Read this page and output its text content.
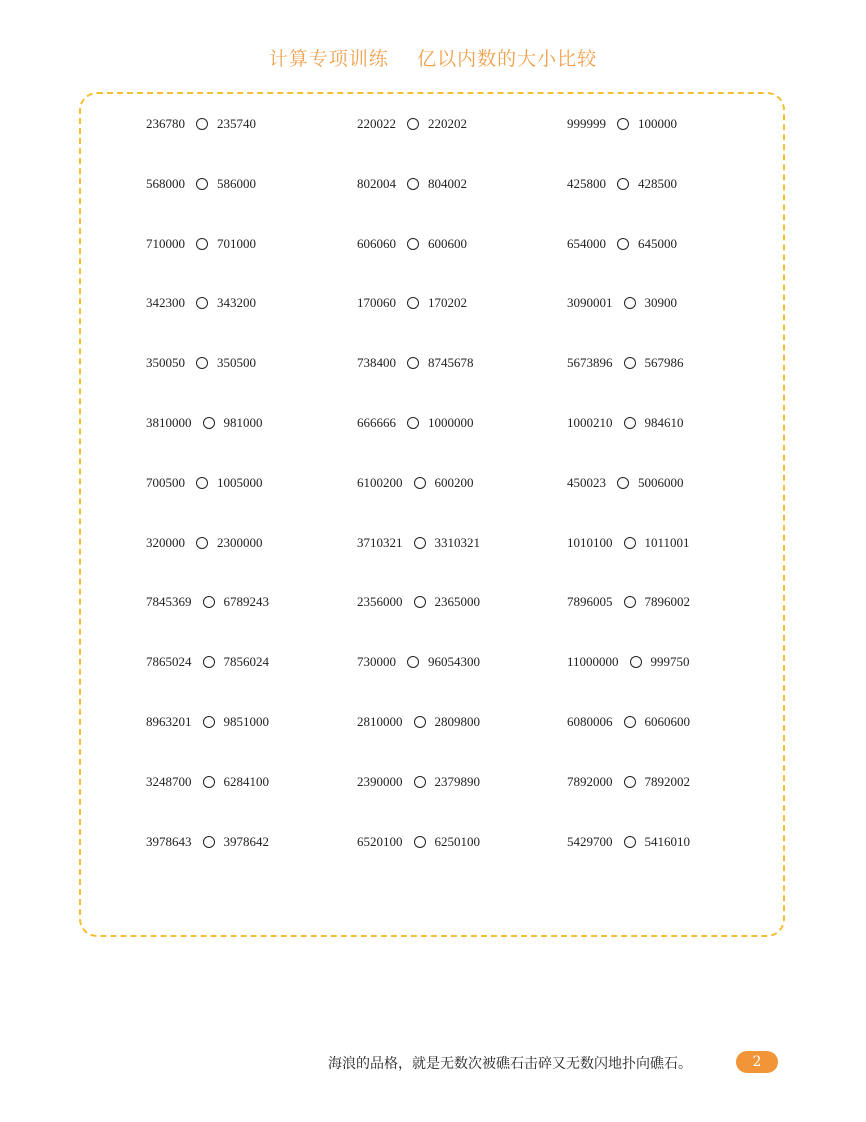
计算专项训练    亿以内数的大小比较
236780 235740	220022 220202	999999 100000
568000 586000	802004 804002	425800 428500
710000 701000	606060 600600	654000 645000
342300 343200	170060 170202	3090001 30900
350050 350500	738400 8745678	5673896 567986
3810000 981000	666666 1000000	1000210 984610
700500 1005000	6100200 600200	450023 5006000
320000 2300000	3710321 3310321	1010100 1011001
7845369 6789243	2356000 2365000	7896005 7896002
7865024 7856024	730000 96054300	11000000 999750
8963201 9851000	2810000 2809800	6080006 6060600
3248700 6284100	2390000 2379890	7892000 7892002
3978643 3978642	6520100 6250100	5429700 5416010
海浪的品格，就是无数次被礁石击碎又无数闪地扑向礁石。	2
